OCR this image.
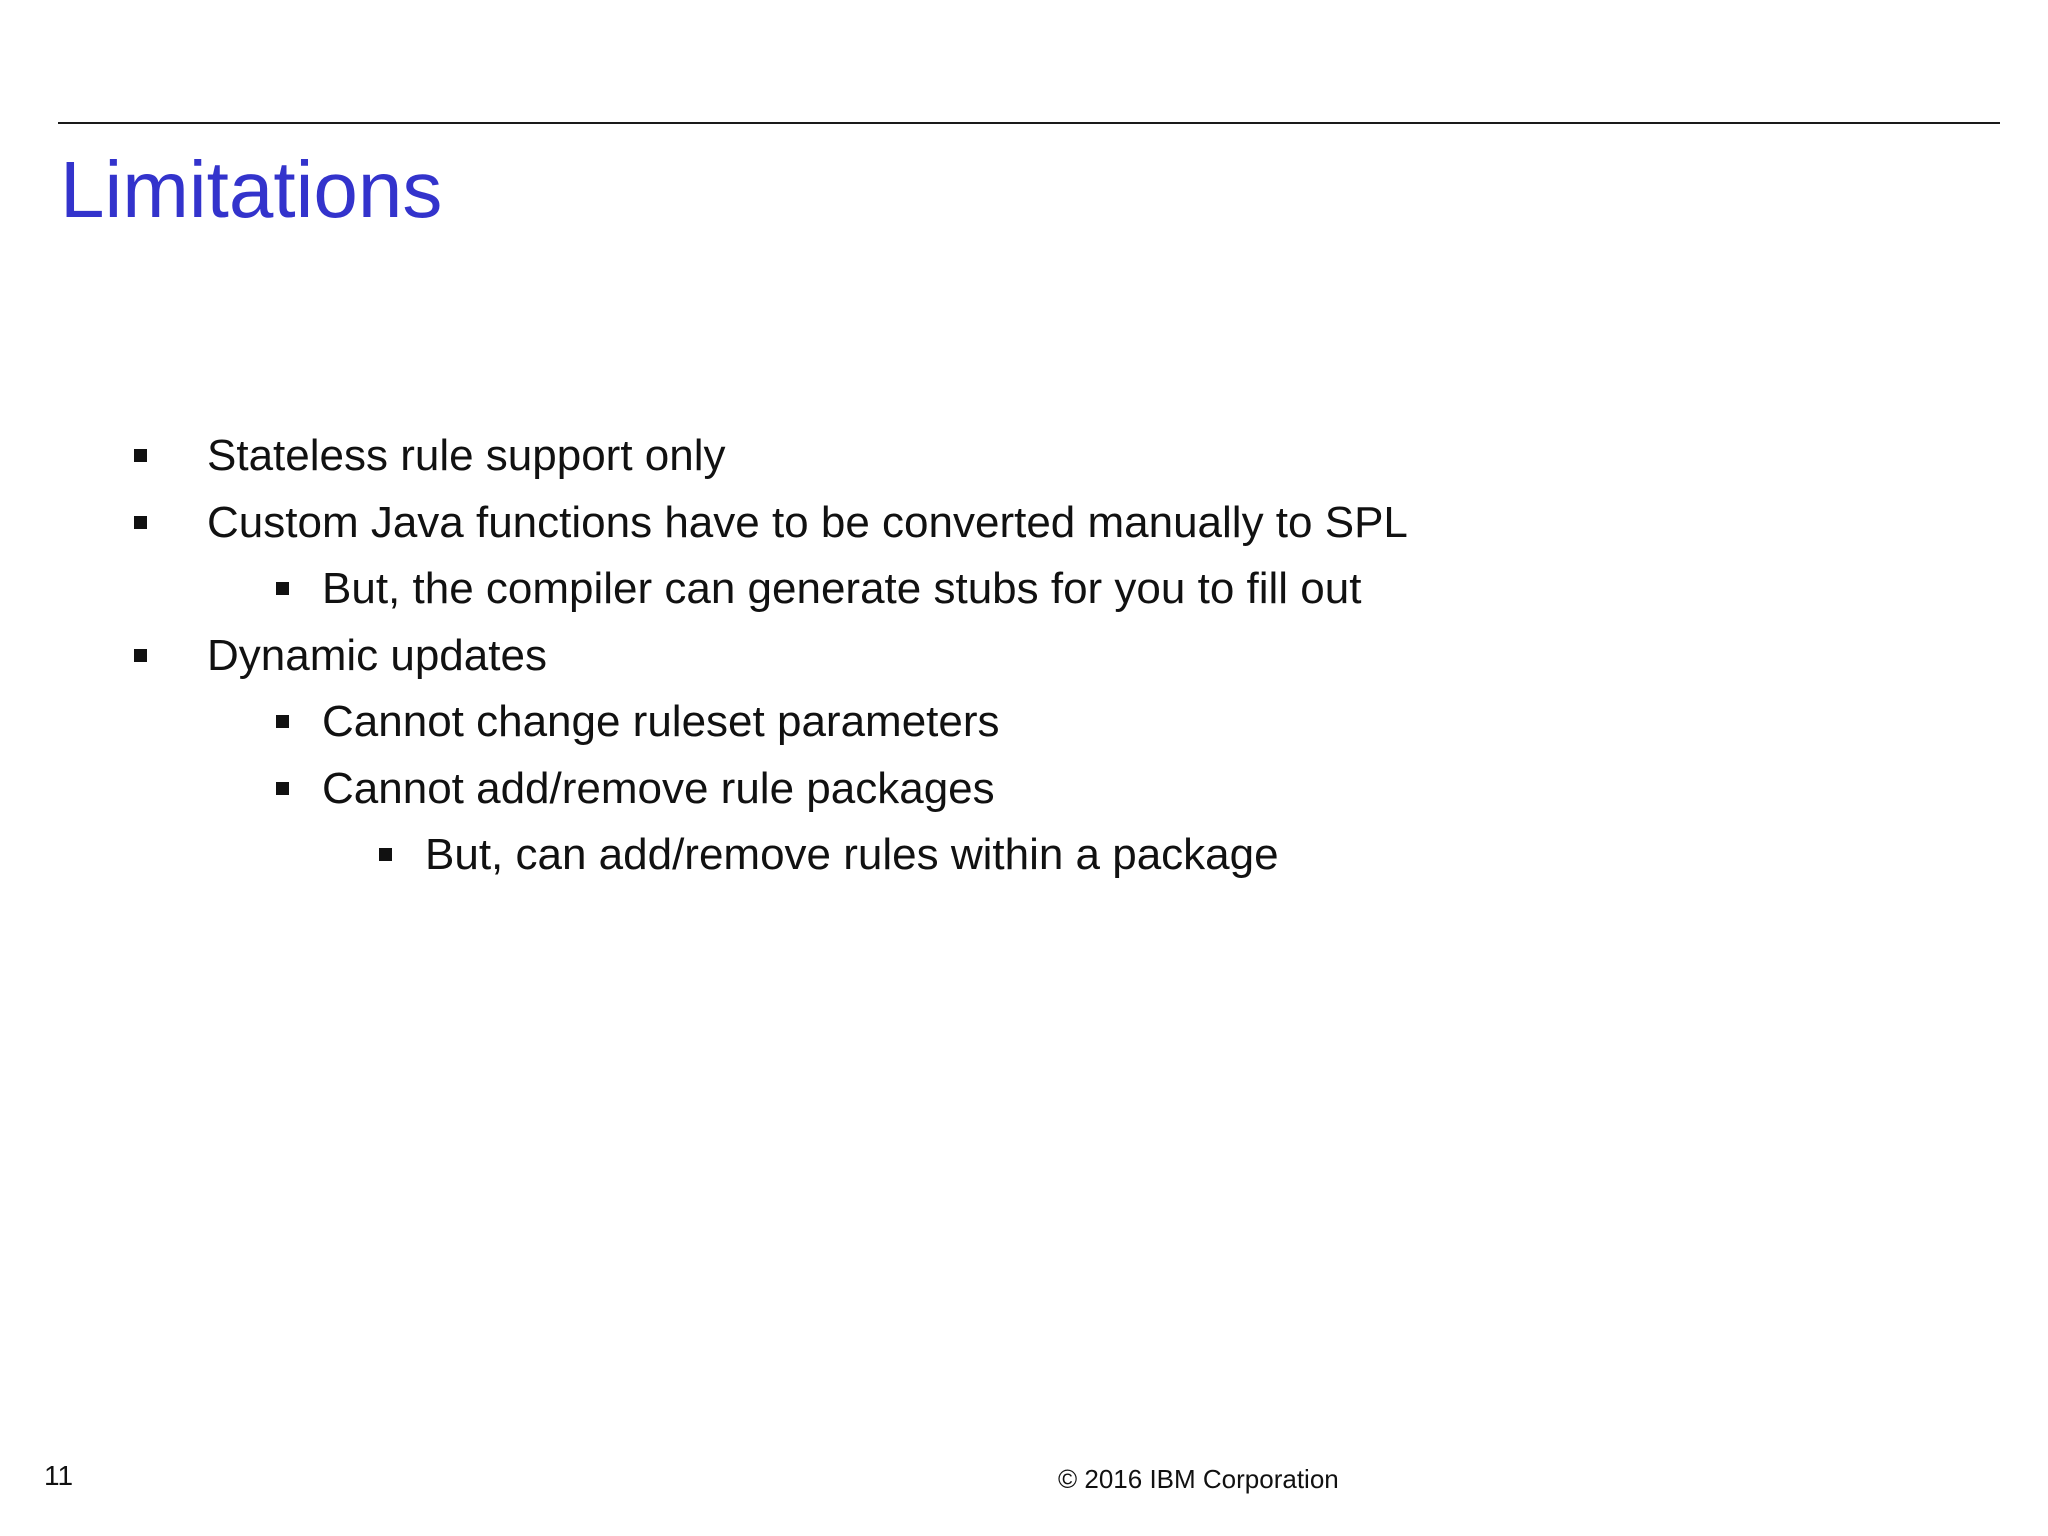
Limitations
Stateless rule support only
Custom Java functions have to be converted manually to SPL
But, the compiler can generate stubs for you to fill out
Dynamic updates
Cannot change ruleset parameters
Cannot add/remove rule packages
But, can add/remove rules within a package
11	© 2016 IBM Corporation
